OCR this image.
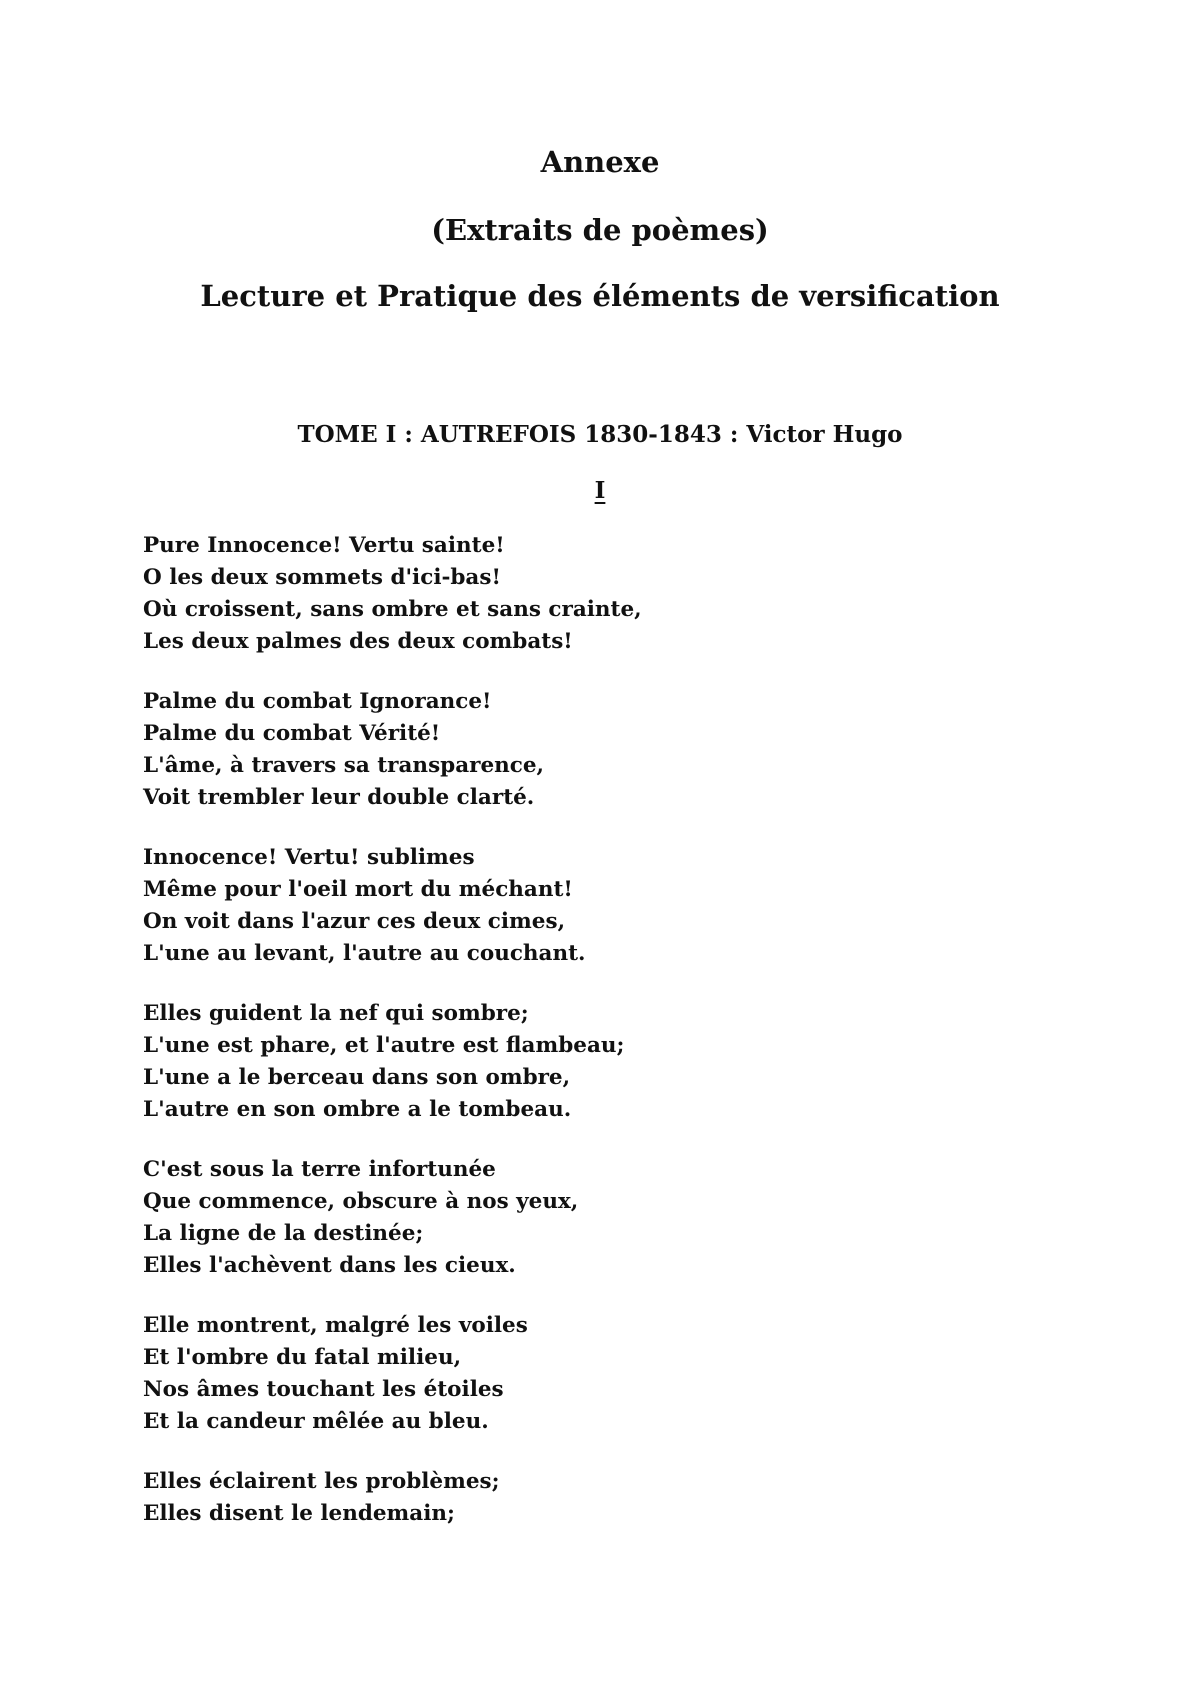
Annexe
(Extraits de poèmes)
Lecture et Pratique des éléments de versification
TOME I : AUTREFOIS 1830-1843 : Victor Hugo
I
Pure Innocence! Vertu sainte!
O les deux sommets d'ici-bas!
Où croissent, sans ombre et sans crainte,
Les deux palmes des deux combats!
Palme du combat Ignorance!
Palme du combat Vérité!
L'âme, à travers sa transparence,
Voit trembler leur double clarté.
Innocence! Vertu! sublimes
Même pour l'oeil mort du méchant!
On voit dans l'azur ces deux cimes,
L'une au levant, l'autre au couchant.
Elles guident la nef qui sombre;
L'une est phare, et l'autre est flambeau;
L'une a le berceau dans son ombre,
L'autre en son ombre a le tombeau.
C'est sous la terre infortunée
Que commence, obscure à nos yeux,
La ligne de la destinée;
Elles l'achèvent dans les cieux.
Elle montrent, malgré les voiles
Et l'ombre du fatal milieu,
Nos âmes touchant les étoiles
Et la candeur mêlée au bleu.
Elles éclairent les problèmes;
Elles disent le lendemain;
